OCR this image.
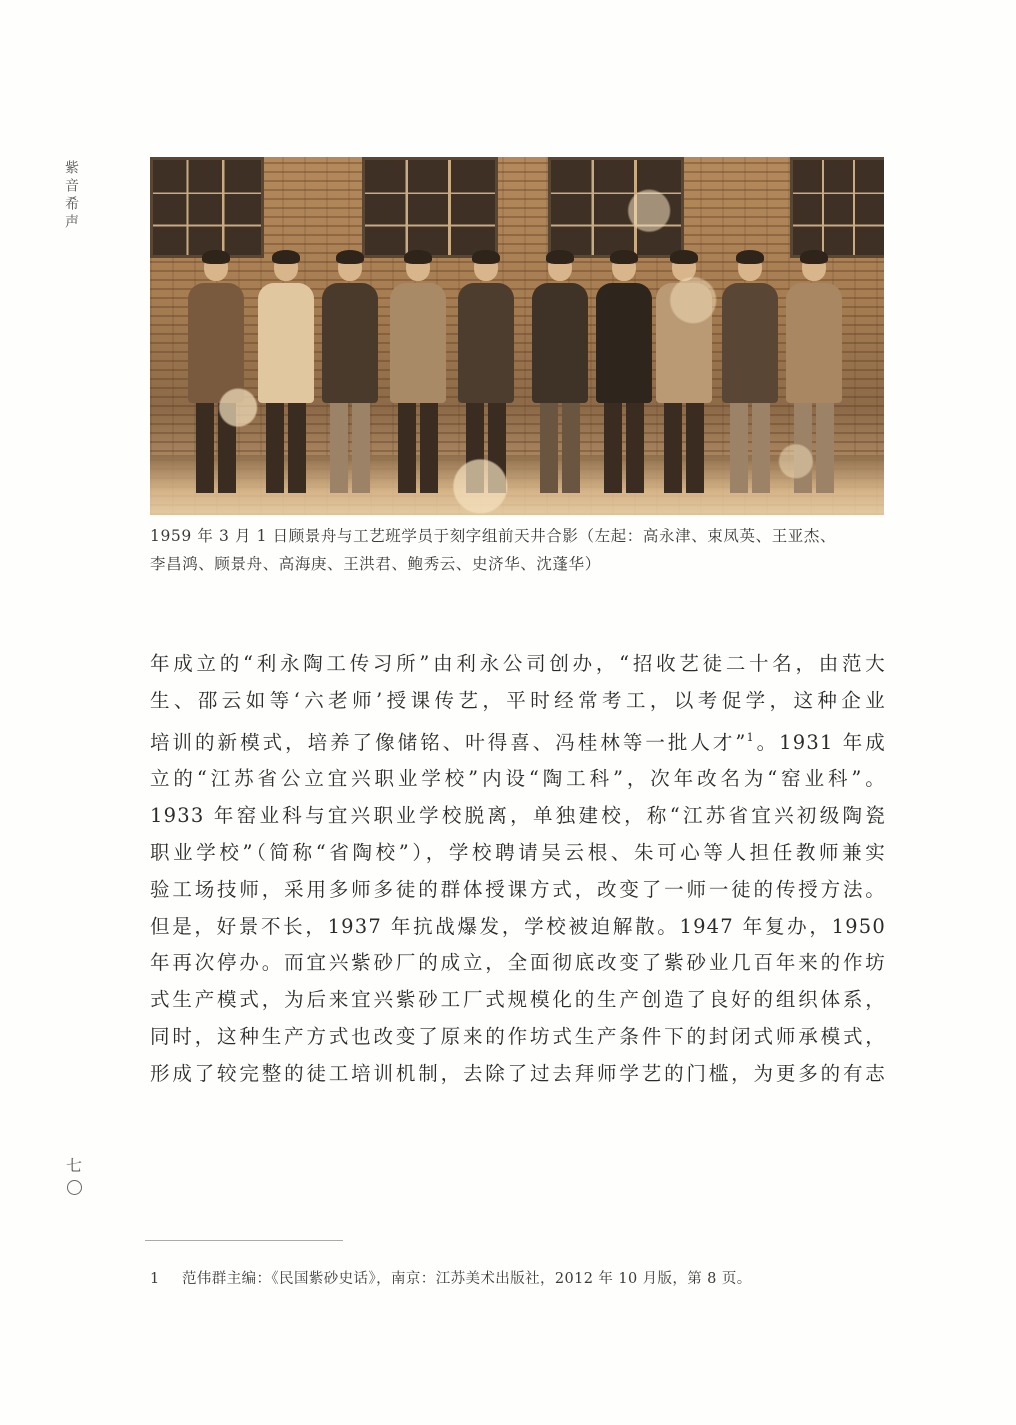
紫音希声

1959 年 3 月 1 日顾景舟与工艺班学员于刻字组前天井合影（左起：高永津、束凤英、王亚杰、

李昌鸿、顾景舟、高海庚、王洪君、鲍秀云、史济华、沈蓬华）

年成立的“利永陶工传习所”由利永公司创办，“招收艺徒二十名，由范大
生、邵云如等‘六老师’授课传艺，平时经常考工，以考促学，这种企业
培训的新模式，培养了像储铭、叶得喜、冯桂林等一批人才”$^1$。1931 年成
立的“江苏省公立宜兴职业学校”内设“陶工科”，次年改名为“窑业科”。
1933 年窑业科与宜兴职业学校脱离，单独建校，称“江苏省宜兴初级陶瓷
职业学校”（简称“省陶校”），学校聘请吴云根、朱可心等人担任教师兼实
验工场技师，采用多师多徒的群体授课方式，改变了一师一徒的传授方法。
但是，好景不长，1937 年抗战爆发，学校被迫解散。1947 年复办，1950
年再次停办。而宜兴紫砂厂的成立，全面彻底改变了紫砂业几百年来的作坊
式生产模式，为后来宜兴紫砂工厂式规模化的生产创造了良好的组织体系，
同时，这种生产方式也改变了原来的作坊式生产条件下的封闭式师承模式，
形成了较完整的徒工培训机制，去除了过去拜师学艺的门槛，为更多的有志
七
1 范伟群主编：《民国紫砂史话》，南京：江苏美术出版社，2012 年 10 月版，第 8 页。
